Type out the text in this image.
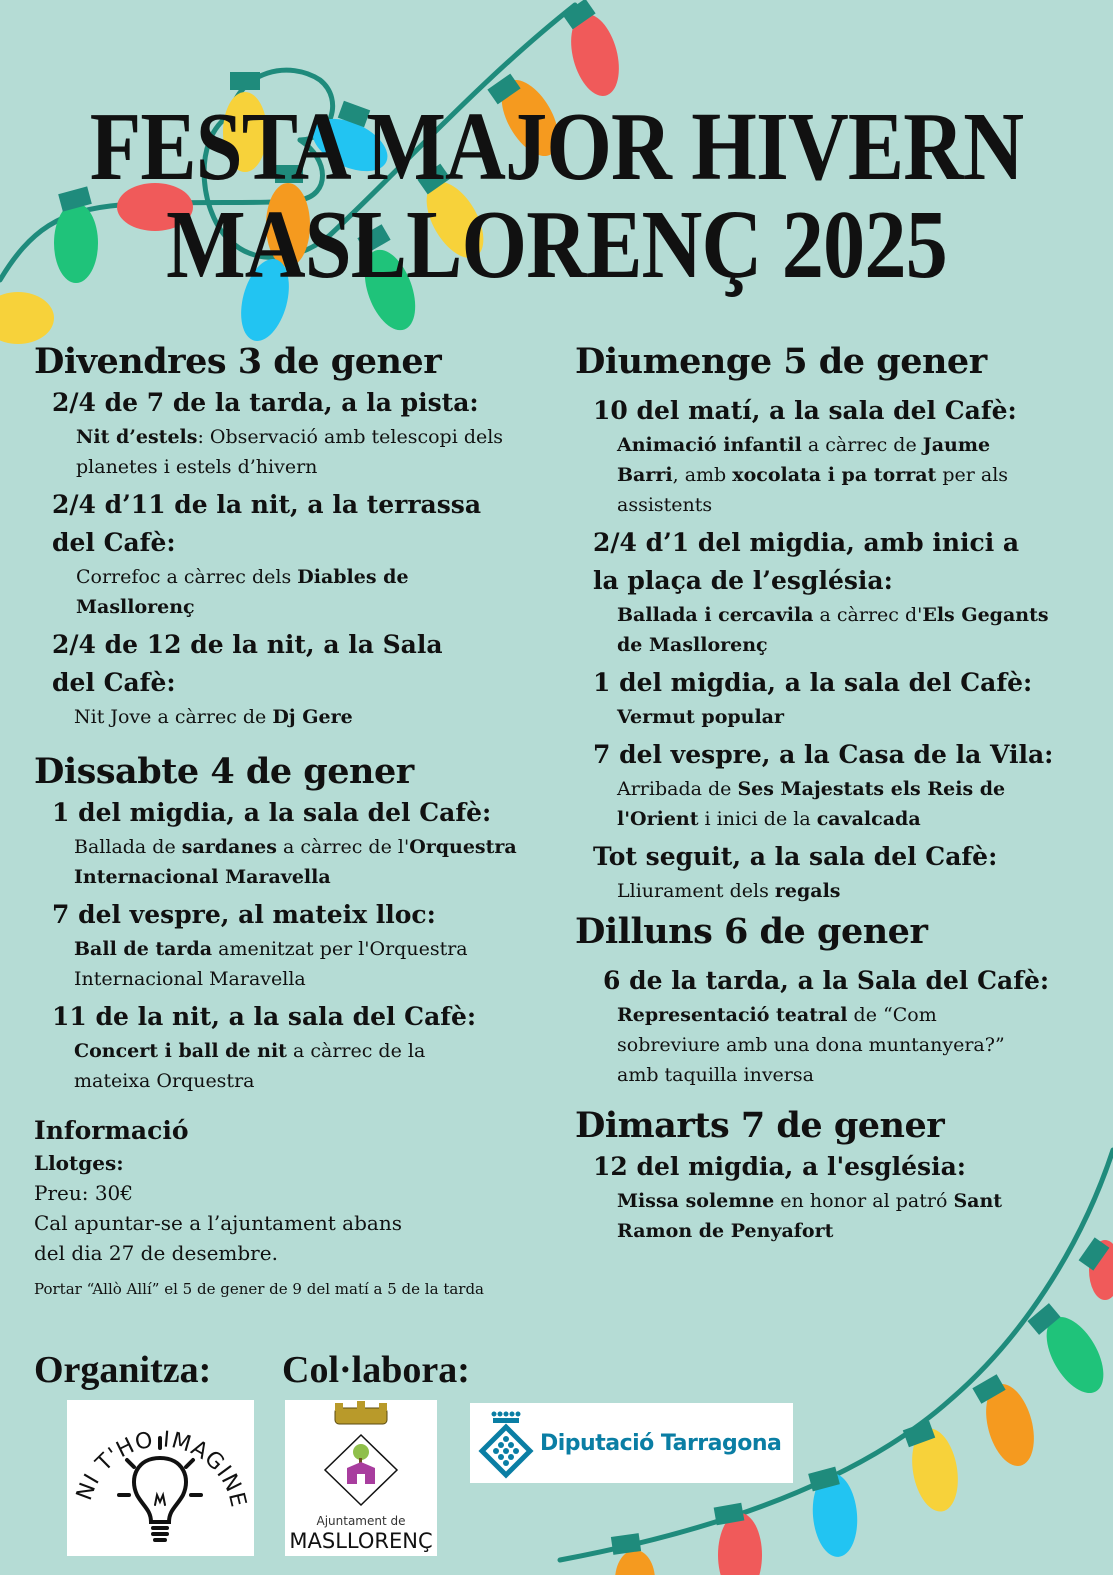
FESTA MAJOR HIVERN
MASLLORENÇ 2025
Divendres 3 de gener
2/4 de 7 de la tarda, a la pista:

Nit d’estels: Observació amb telescopi dels planetes i estels d’hivern

2/4 d’11 de la nit, a la terrassa del Cafè:

Correfoc a càrrec dels Diables de Masllorenç

2/4 de 12 de la nit, a la Sala del Cafè:

Nit Jove a càrrec de Dj Gere

Dissabte 4 de gener
1 del migdia, a la sala del Cafè:

Ballada de sardanes a càrrec de l'Orquestra Internacional Maravella

7 del vespre, al mateix lloc:

Ball de tarda amenitzat per l'Orquestra Internacional Maravella

11 de la nit, a la sala del Cafè:

Concert i ball de nit a càrrec de la mateixa Orquestra

Informació
Llotges:
Preu: 30€
Cal apuntar-se a l’ajuntament abans
del dia 27 de desembre.
Portar “Allò Allí” el 5 de gener de 9 del matí a 5 de la tarda
Diumenge 5 de gener
10 del matí, a la sala del Cafè:

Animació infantil a càrrec de Jaume Barri, amb xocolata i pa torrat per als assistents

2/4 d’1 del migdia, amb inici a la plaça de l’església:

Ballada i cercavila a càrrec d'Els Gegants de Masllorenç

1 del migdia, a la sala del Cafè:

Vermut popular

7 del vespre, a la Casa de la Vila:

Arribada de Ses Majestats els Reis de l'Orient i inici de la cavalcada

Tot seguit, a la sala del Cafè:

Lliurament dels regals

Dilluns 6 de gener
6 de la tarda, a la Sala del Cafè:

Representació teatral de “Com sobreviure amb una dona muntanyera?” amb taquilla inversa

Dimarts 7 de gener
12 del migdia, a l'església:

Missa solemne en honor al patró Sant Ramon de Penyafort

Organitza: Col·labora:
NI T'HO IMAGINE
Ajuntament de
MASLLORENÇ
Diputació Tarragona
